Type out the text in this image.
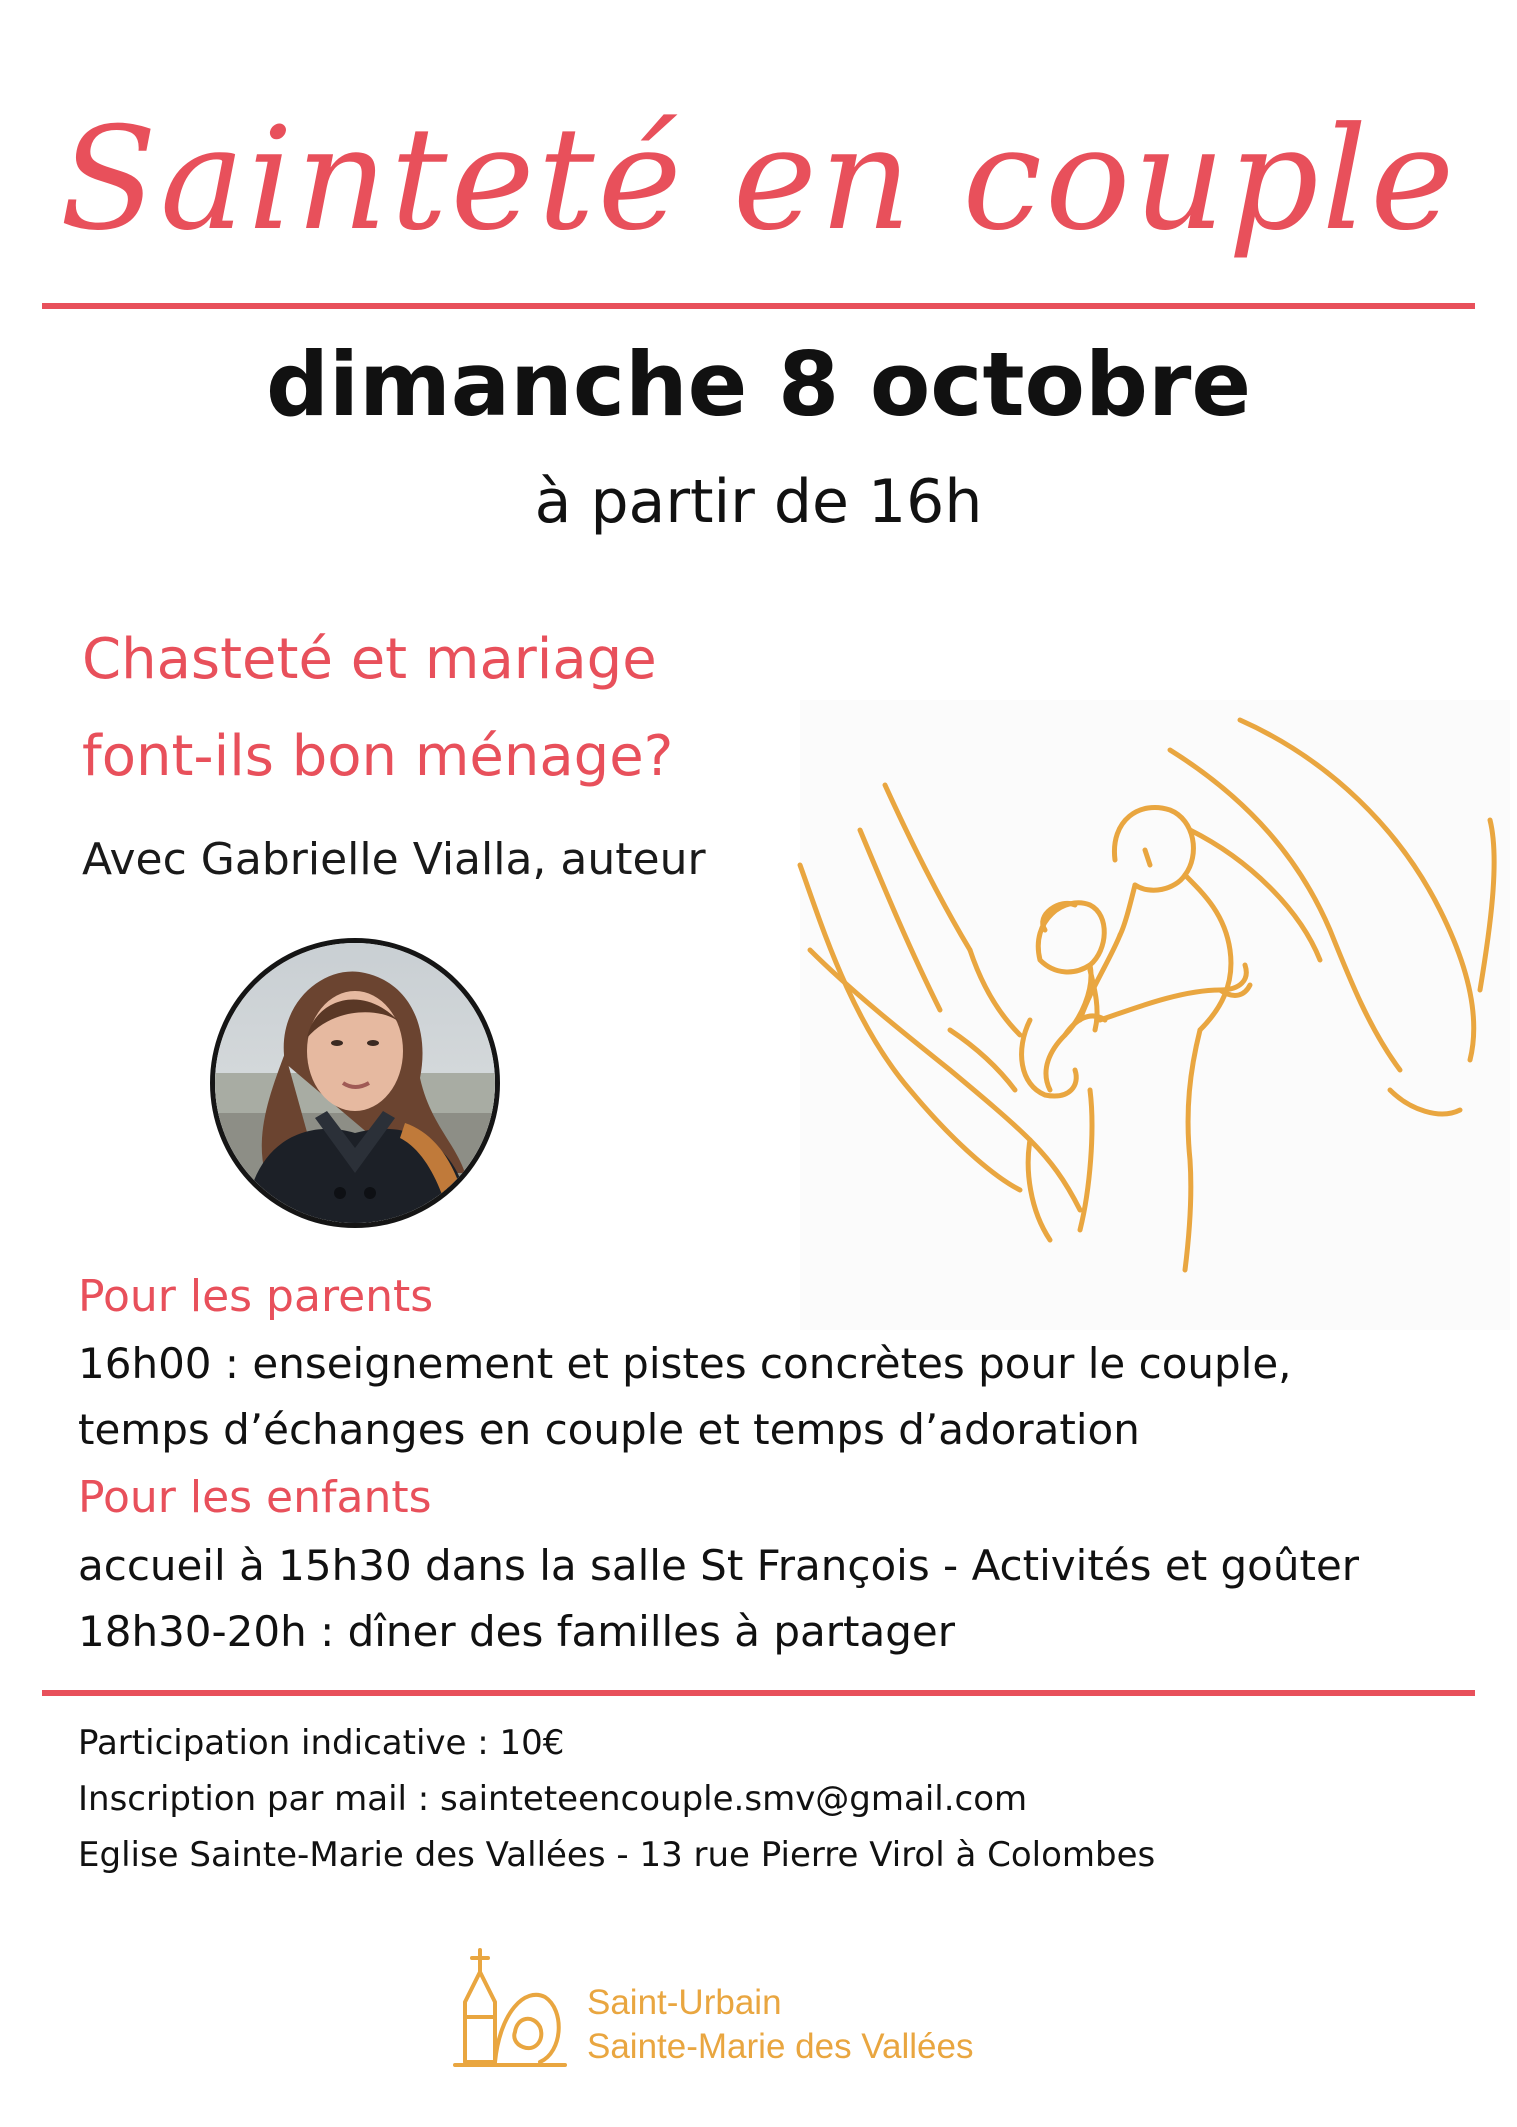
Sainteté en couple
dimanche 8 octobre
à partir de 16h
Chasteté et mariage
font-ils bon ménage?
Avec Gabrielle Vialla, auteur
Pour les parents
16h00 : enseignement et pistes concrètes pour le couple,
temps d’échanges en couple et temps d’adoration
Pour les enfants
accueil à 15h30 dans la salle St François - Activités et goûter
18h30-20h : dîner des familles à partager
Participation indicative : 10€
Inscription par mail : sainteteencouple.smv@gmail.com
Eglise Sainte-Marie des Vallées - 13 rue Pierre Virol à Colombes
Saint-Urbain
Sainte-Marie des Vallées
